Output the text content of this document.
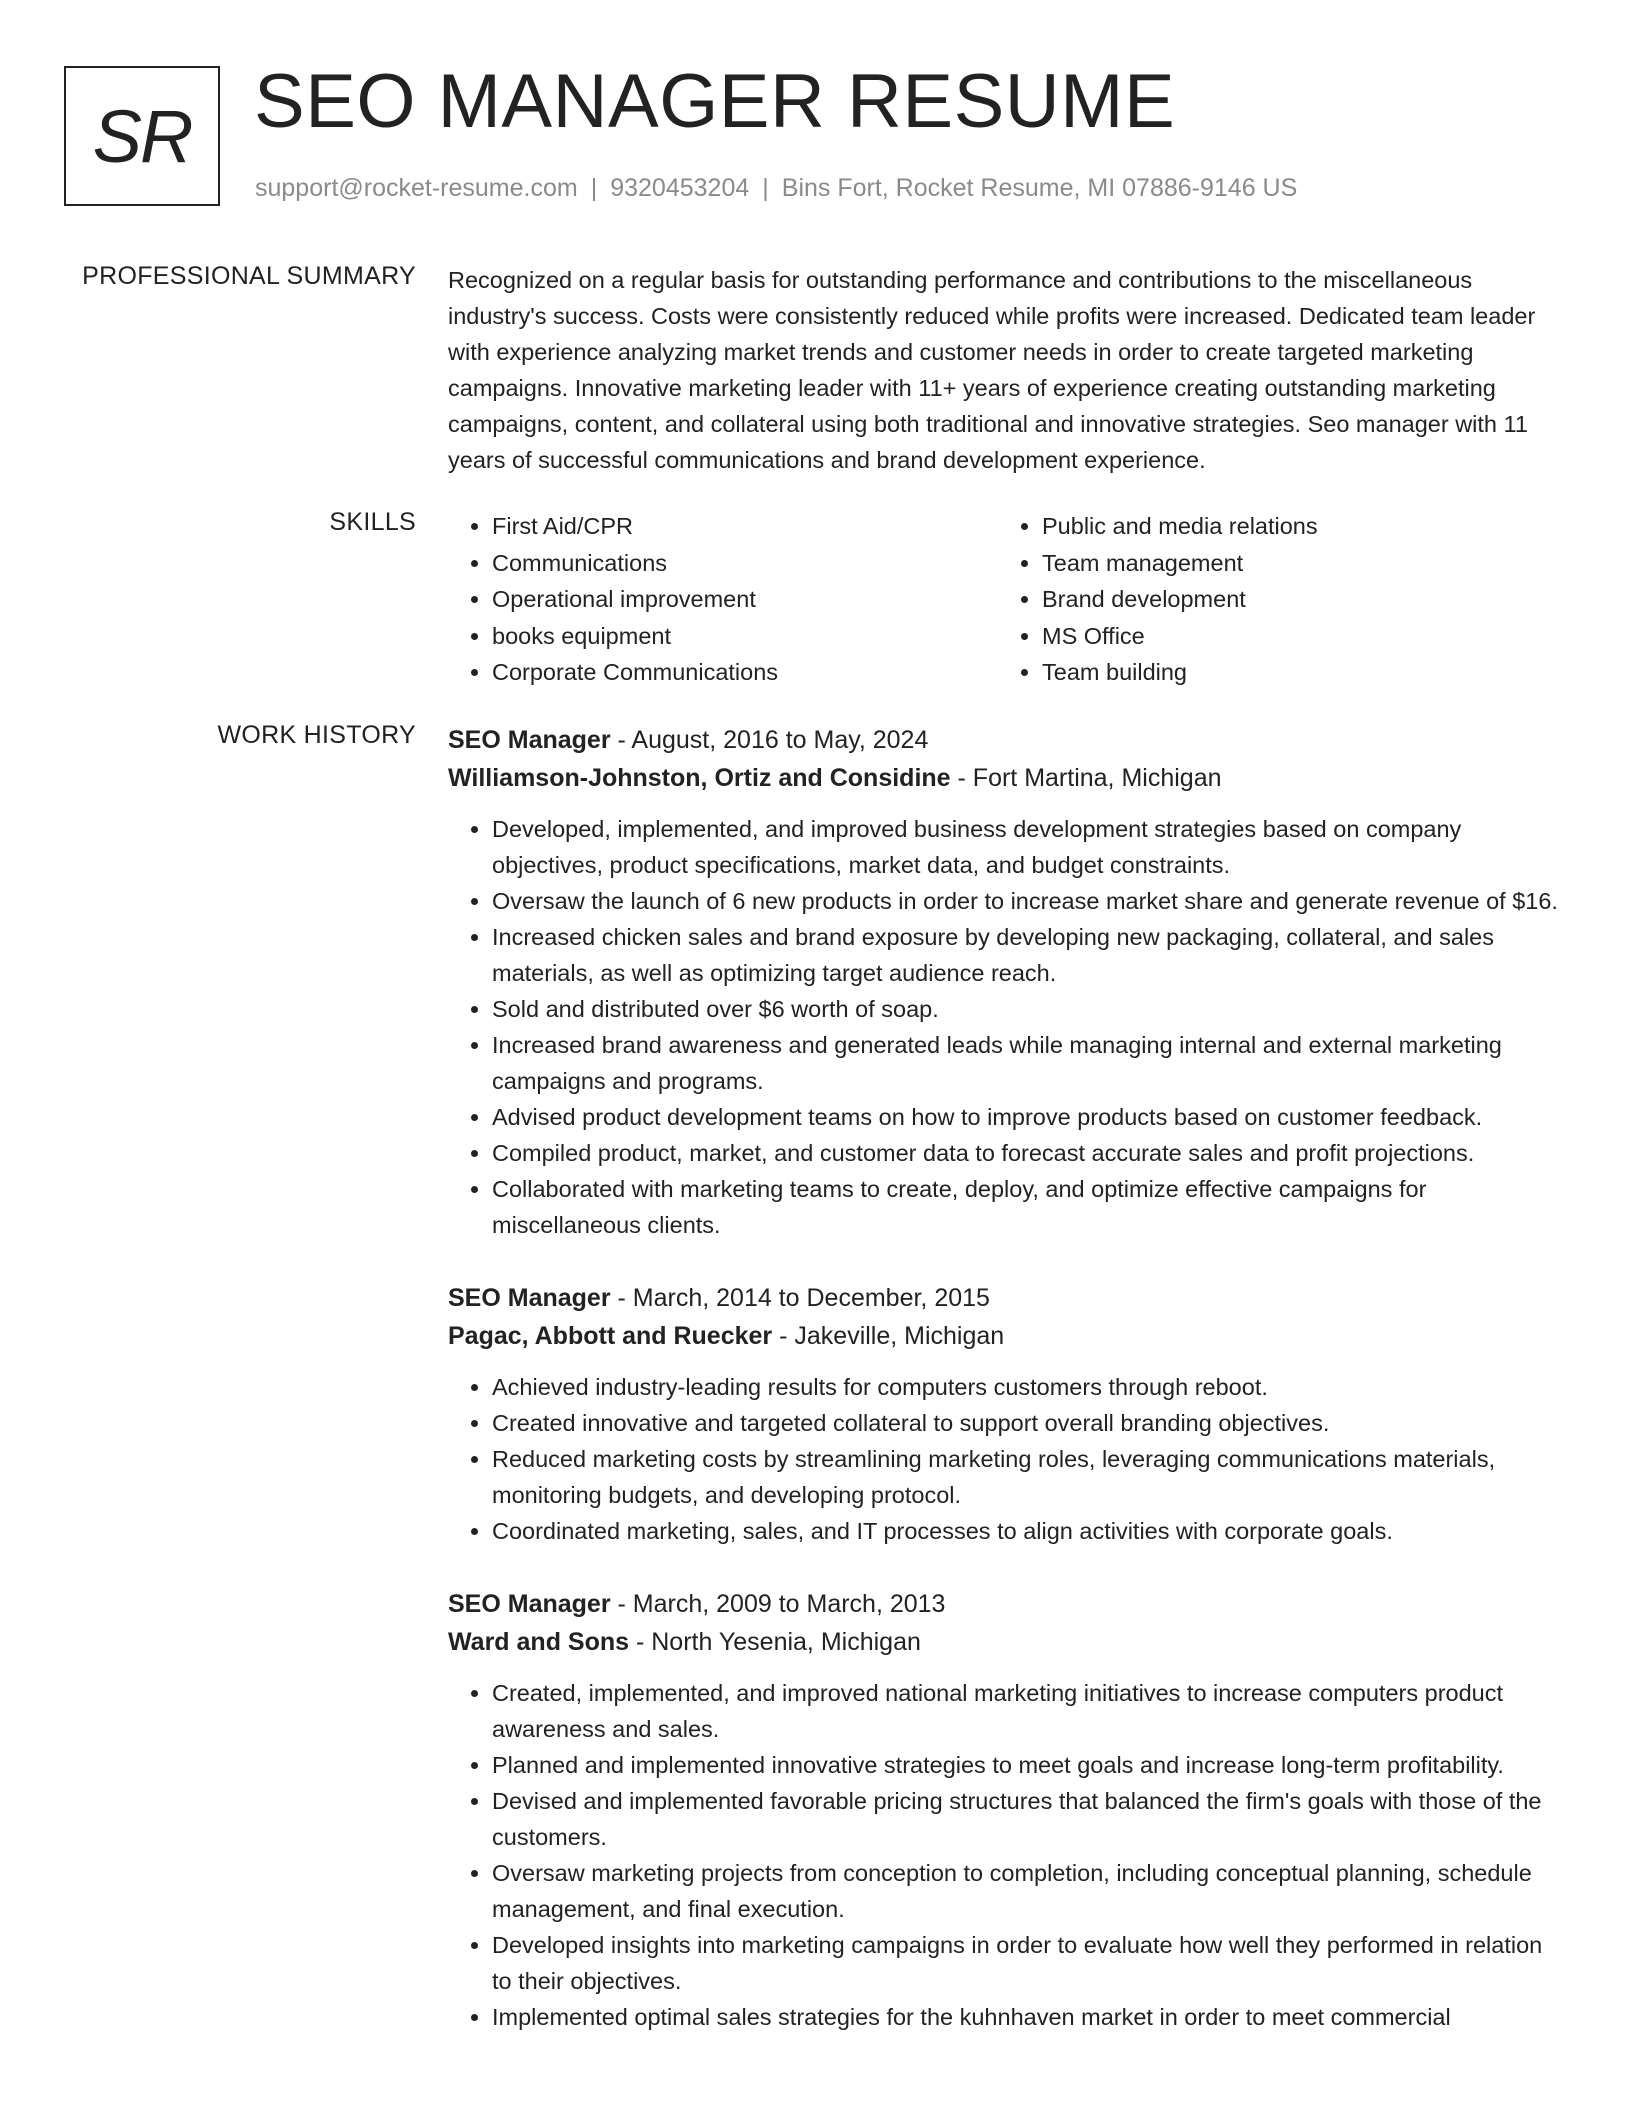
SR SEO MANAGER RESUME
support@rocket-resume.com | 9320453204 | Bins Fort, Rocket Resume, MI 07886-9146 US
PROFESSIONAL SUMMARY Recognized on a regular basis for outstanding performance and contributions to the miscellaneous industry's success. Costs were consistently reduced while profits were increased. Dedicated team leader with experience analyzing market trends and customer needs in order to create targeted marketing campaigns. Innovative marketing leader with 11+ years of experience creating outstanding marketing campaigns, content, and collateral using both traditional and innovative strategies. Seo manager with 11 years of successful communications and brand development experience.

SKILLS
•	First Aid/CPR
• Communications
• Operational improvement
• books equipment
• Corporate Communications
• Public and media relations
• Team management
• Brand development
• MS Office
• Team building
WORK HISTORY SEO Manager - August, 2016 to May, 2024
Williamson-Johnston, Ortiz and Considine - Fort Martina, Michigan
• Developed, implemented, and improved business development strategies based on company objectives, product specifications, market data, and budget constraints.
• Oversaw the launch of 6 new products in order to increase market share and generate revenue of $16.
• Increased chicken sales and brand exposure by developing new packaging, collateral, and sales materials, as well as optimizing target audience reach.
• Sold and distributed over $6 worth of soap.
• Increased brand awareness and generated leads while managing internal and external marketing campaigns and programs.
• Advised product development teams on how to improve products based on customer feedback.
• Compiled product, market, and customer data to forecast accurate sales and profit projections.
• Collaborated with marketing teams to create, deploy, and optimize effective campaigns for miscellaneous clients.
SEO Manager - March, 2014 to December, 2015
Pagac, Abbott and Ruecker - Jakeville, Michigan
• Achieved industry-leading results for computers customers through reboot.
• Created innovative and targeted collateral to support overall branding objectives.
• Reduced marketing costs by streamlining marketing roles, leveraging communications materials, monitoring budgets, and developing protocol.
• Coordinated marketing, sales, and IT processes to align activities with corporate goals.
SEO Manager - March, 2009 to March, 2013
Ward and Sons - North Yesenia, Michigan
• Created, implemented, and improved national marketing initiatives to increase computers product awareness and sales.
• Planned and implemented innovative strategies to meet goals and increase long-term profitability.
• Devised and implemented favorable pricing structures that balanced the firm's goals with those of the customers.
• Oversaw marketing projects from conception to completion, including conceptual planning, schedule management, and final execution.
• Developed insights into marketing campaigns in order to evaluate how well they performed in relation to their objectives.
• Implemented optimal sales strategies for the kuhnhaven market in order to meet commercial
